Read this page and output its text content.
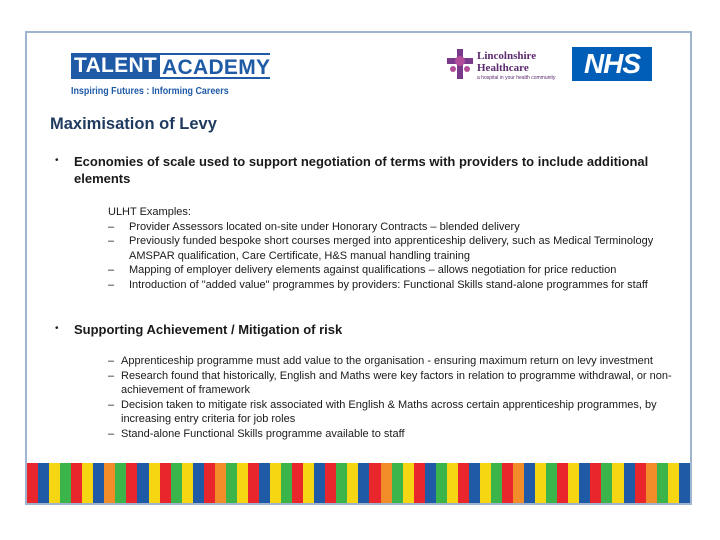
TALENT ACADEMY
Inspiring Futures : Informing Careers
Lincolnshire
Healthcare
a hospital in your health community	NHS
Maximisation of Levy
• Economies of scale used to support negotiation of terms with providers to include additional elements
ULHT Examples:
– Provider Assessors located on-site under Honorary Contracts – blended delivery
– Previously funded bespoke short courses merged into apprenticeship delivery, such as Medical Terminology AMSPAR qualification, Care Certificate, H&S manual handling training
– Mapping of employer delivery elements against qualifications – allows negotiation for price reduction
– Introduction of "added value" programmes by providers: Functional Skills stand-alone programmes for staff
• Supporting Achievement / Mitigation of risk
– Apprenticeship programme must add value to the organisation - ensuring maximum return on levy investment
– Research found that historically, English and Maths were key factors in relation to programme withdrawal, or non-achievement of framework
– Decision taken to mitigate risk associated with English & Maths across certain apprenticeship programmes, by increasing entry criteria for job roles
– Stand-alone Functional Skills programme available to staff
